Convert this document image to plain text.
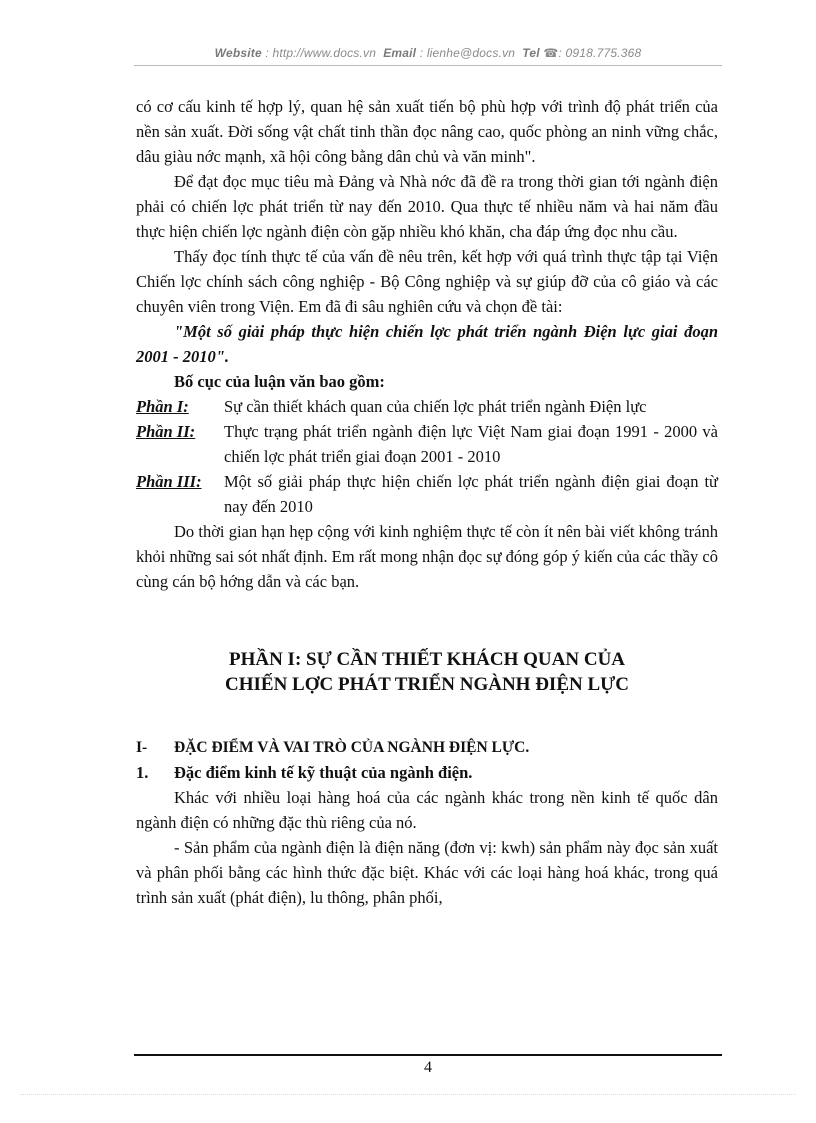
Website : http://www.docs.vn Email : lienhe@docs.vn Tel ☎: 0918.775.368

có cơ cấu kinh tế hợp lý, quan hệ sản xuất tiến bộ phù hợp với trình độ phát triển của nền sản xuất. Đời sống vật chất tinh thần đọc nâng cao, quốc phòng an ninh vững chắc, dâu giàu nớc mạnh, xã hội công bằng dân chủ và văn minh".

Để đạt đọc mục tiêu mà Đảng và Nhà nớc đã đề ra trong thời gian tới ngành điện phải có chiến lợc phát triển từ nay đến 2010. Qua thực tế nhiều năm và hai năm đầu thực hiện chiến lợc ngành điện còn gặp nhiều khó khăn, cha đáp ứng đọc nhu cầu.

Thấy đọc tính thực tế của vấn đề nêu trên, kết hợp với quá trình thực tập tại Viện Chiến lợc chính sách công nghiệp - Bộ Công nghiệp và sự giúp đỡ của cô giáo và các chuyên viên trong Viện. Em đã đi sâu nghiên cứu và chọn đề tài:

"Một số giải pháp thực hiện chiến lợc phát triển ngành Điện lực giai đoạn 2001 - 2010".

Bố cục của luận văn bao gồm:

Phần I:	Sự cần thiết khách quan của chiến lợc phát triển ngành Điện lực
Phần II:	Thực trạng phát triển ngành điện lực Việt Nam giai đoạn 1991 - 2000 và chiến lợc phát triển giai đoạn 2001 - 2010
Phần III:	Một số giải pháp thực hiện chiến lợc phát triển ngành điện giai đoạn từ nay đến 2010

Do thời gian hạn hẹp cộng với kinh nghiệm thực tế còn ít nên bài viết không tránh khỏi những sai sót nhất định. Em rất mong nhận đọc sự đóng góp ý kiến của các thầy cô cùng cán bộ hớng dẫn và các bạn.

PHẦN I: SỰ CẦN THIẾT KHÁCH QUAN CỦA
CHIẾN LỢC PHÁT TRIỂN NGÀNH ĐIỆN LỰC
I-	ĐẶC ĐIỂM VÀ VAI TRÒ CỦA NGÀNH ĐIỆN LỰC.
1.	Đặc điểm kinh tế kỹ thuật của ngành điện.

Khác với nhiều loại hàng hoá của các ngành khác trong nền kinh tế quốc dân ngành điện có những đặc thù riêng của nó.

- Sản phẩm của ngành điện là điện năng (đơn vị: kwh) sản phẩm này đọc sản xuất và phân phối bằng các hình thức đặc biệt. Khác với các loại hàng hoá khác, trong quá trình sản xuất (phát điện), lu thông, phân phối,

4
